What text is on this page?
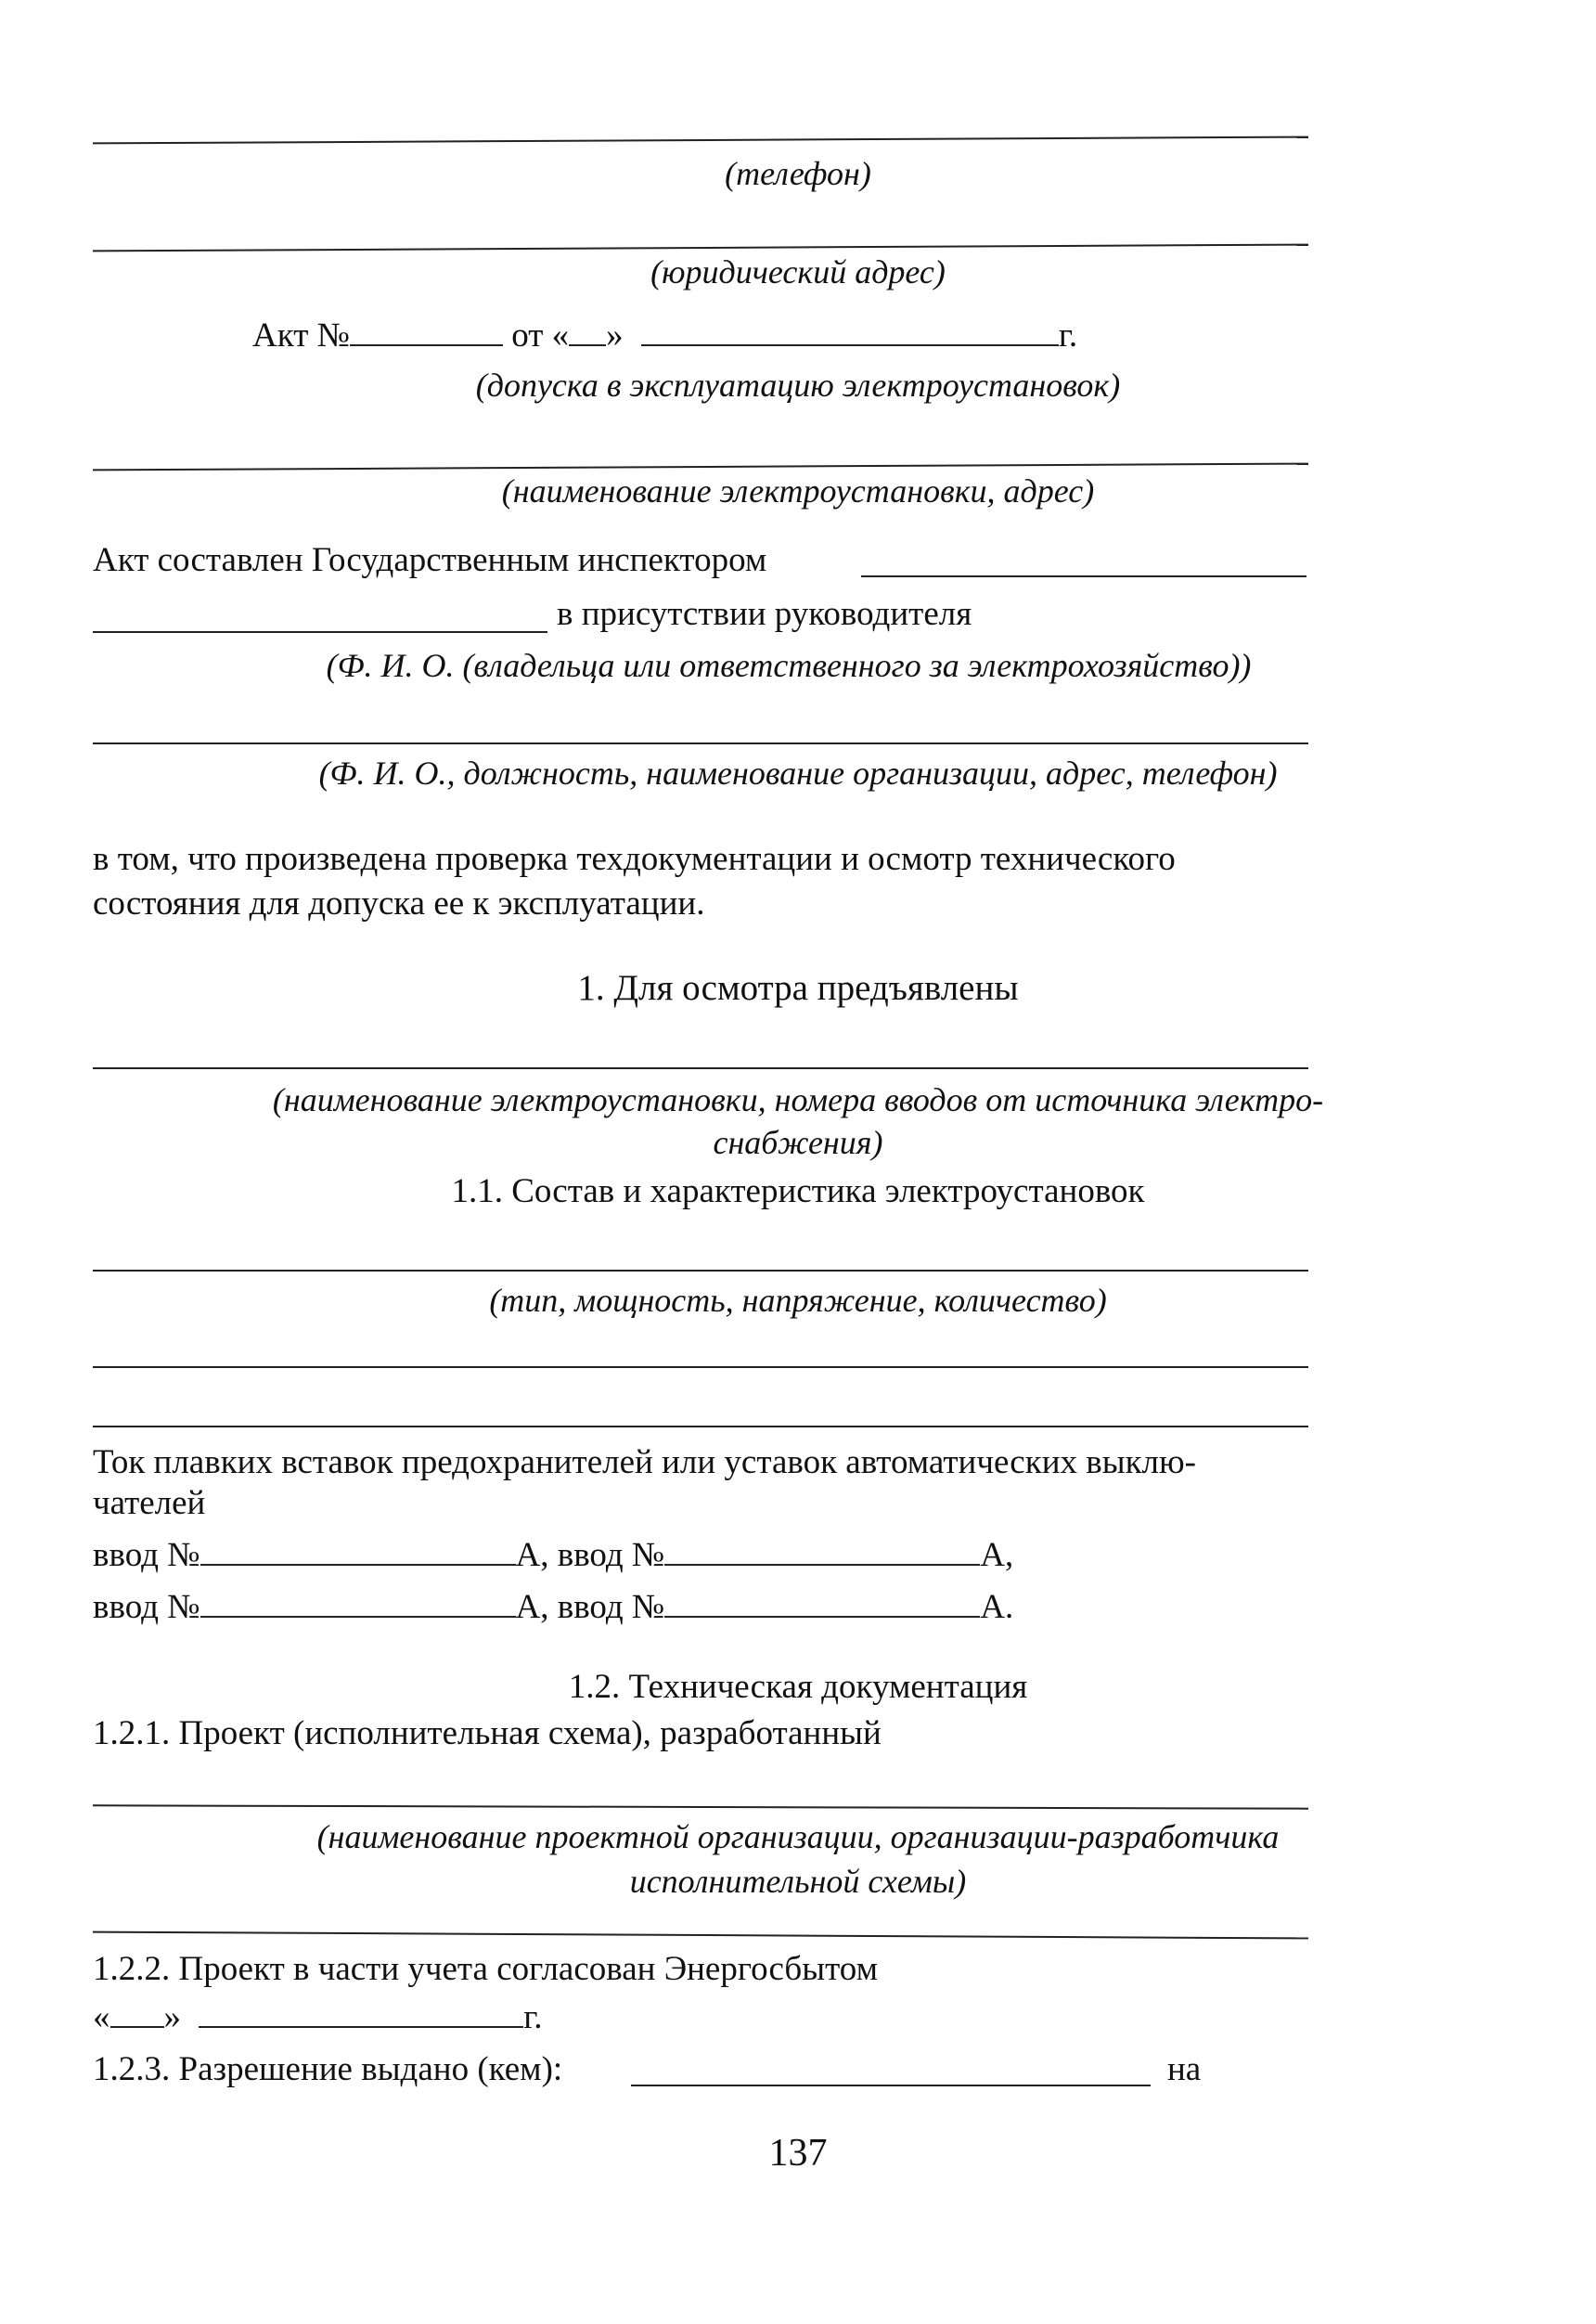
(телефон)
(юридический адрес)
Акт №	от « »	г.
(допуска в эксплуатацию электроустановок)
(наименование электроустановки, адрес)
Акт составлен Государственным инспектором
в присутствии руководителя
(Ф. И. О. (владельца или ответственного за электрохозяйство))
(Ф. И. О., должность, наименование организации, адрес, телефон)
в том, что произведена проверка техдокументации и осмотр технического
состояния для допуска ее к эксплуатации.
1. Для осмотра предъявлены
(наименование электроустановки, номера вводов от источника электро-
снабжения)
1.1. Состав и характеристика электроустановок
(тип, мощность, напряжение, количество)
Ток плавких вставок предохранителей или уставок автоматических выклю-
чателей
ввод №	А, ввод №	А,
ввод №	А, ввод №	А.
1.2. Техническая документация
1.2.1. Проект (исполнительная схема), разработанный
(наименование проектной организации, организации-разработчика
исполнительной схемы)
1.2.2. Проект в части учета согласован Энергосбытом
« »	г.
1.2.3. Разрешение выдано (кем):	на
137
